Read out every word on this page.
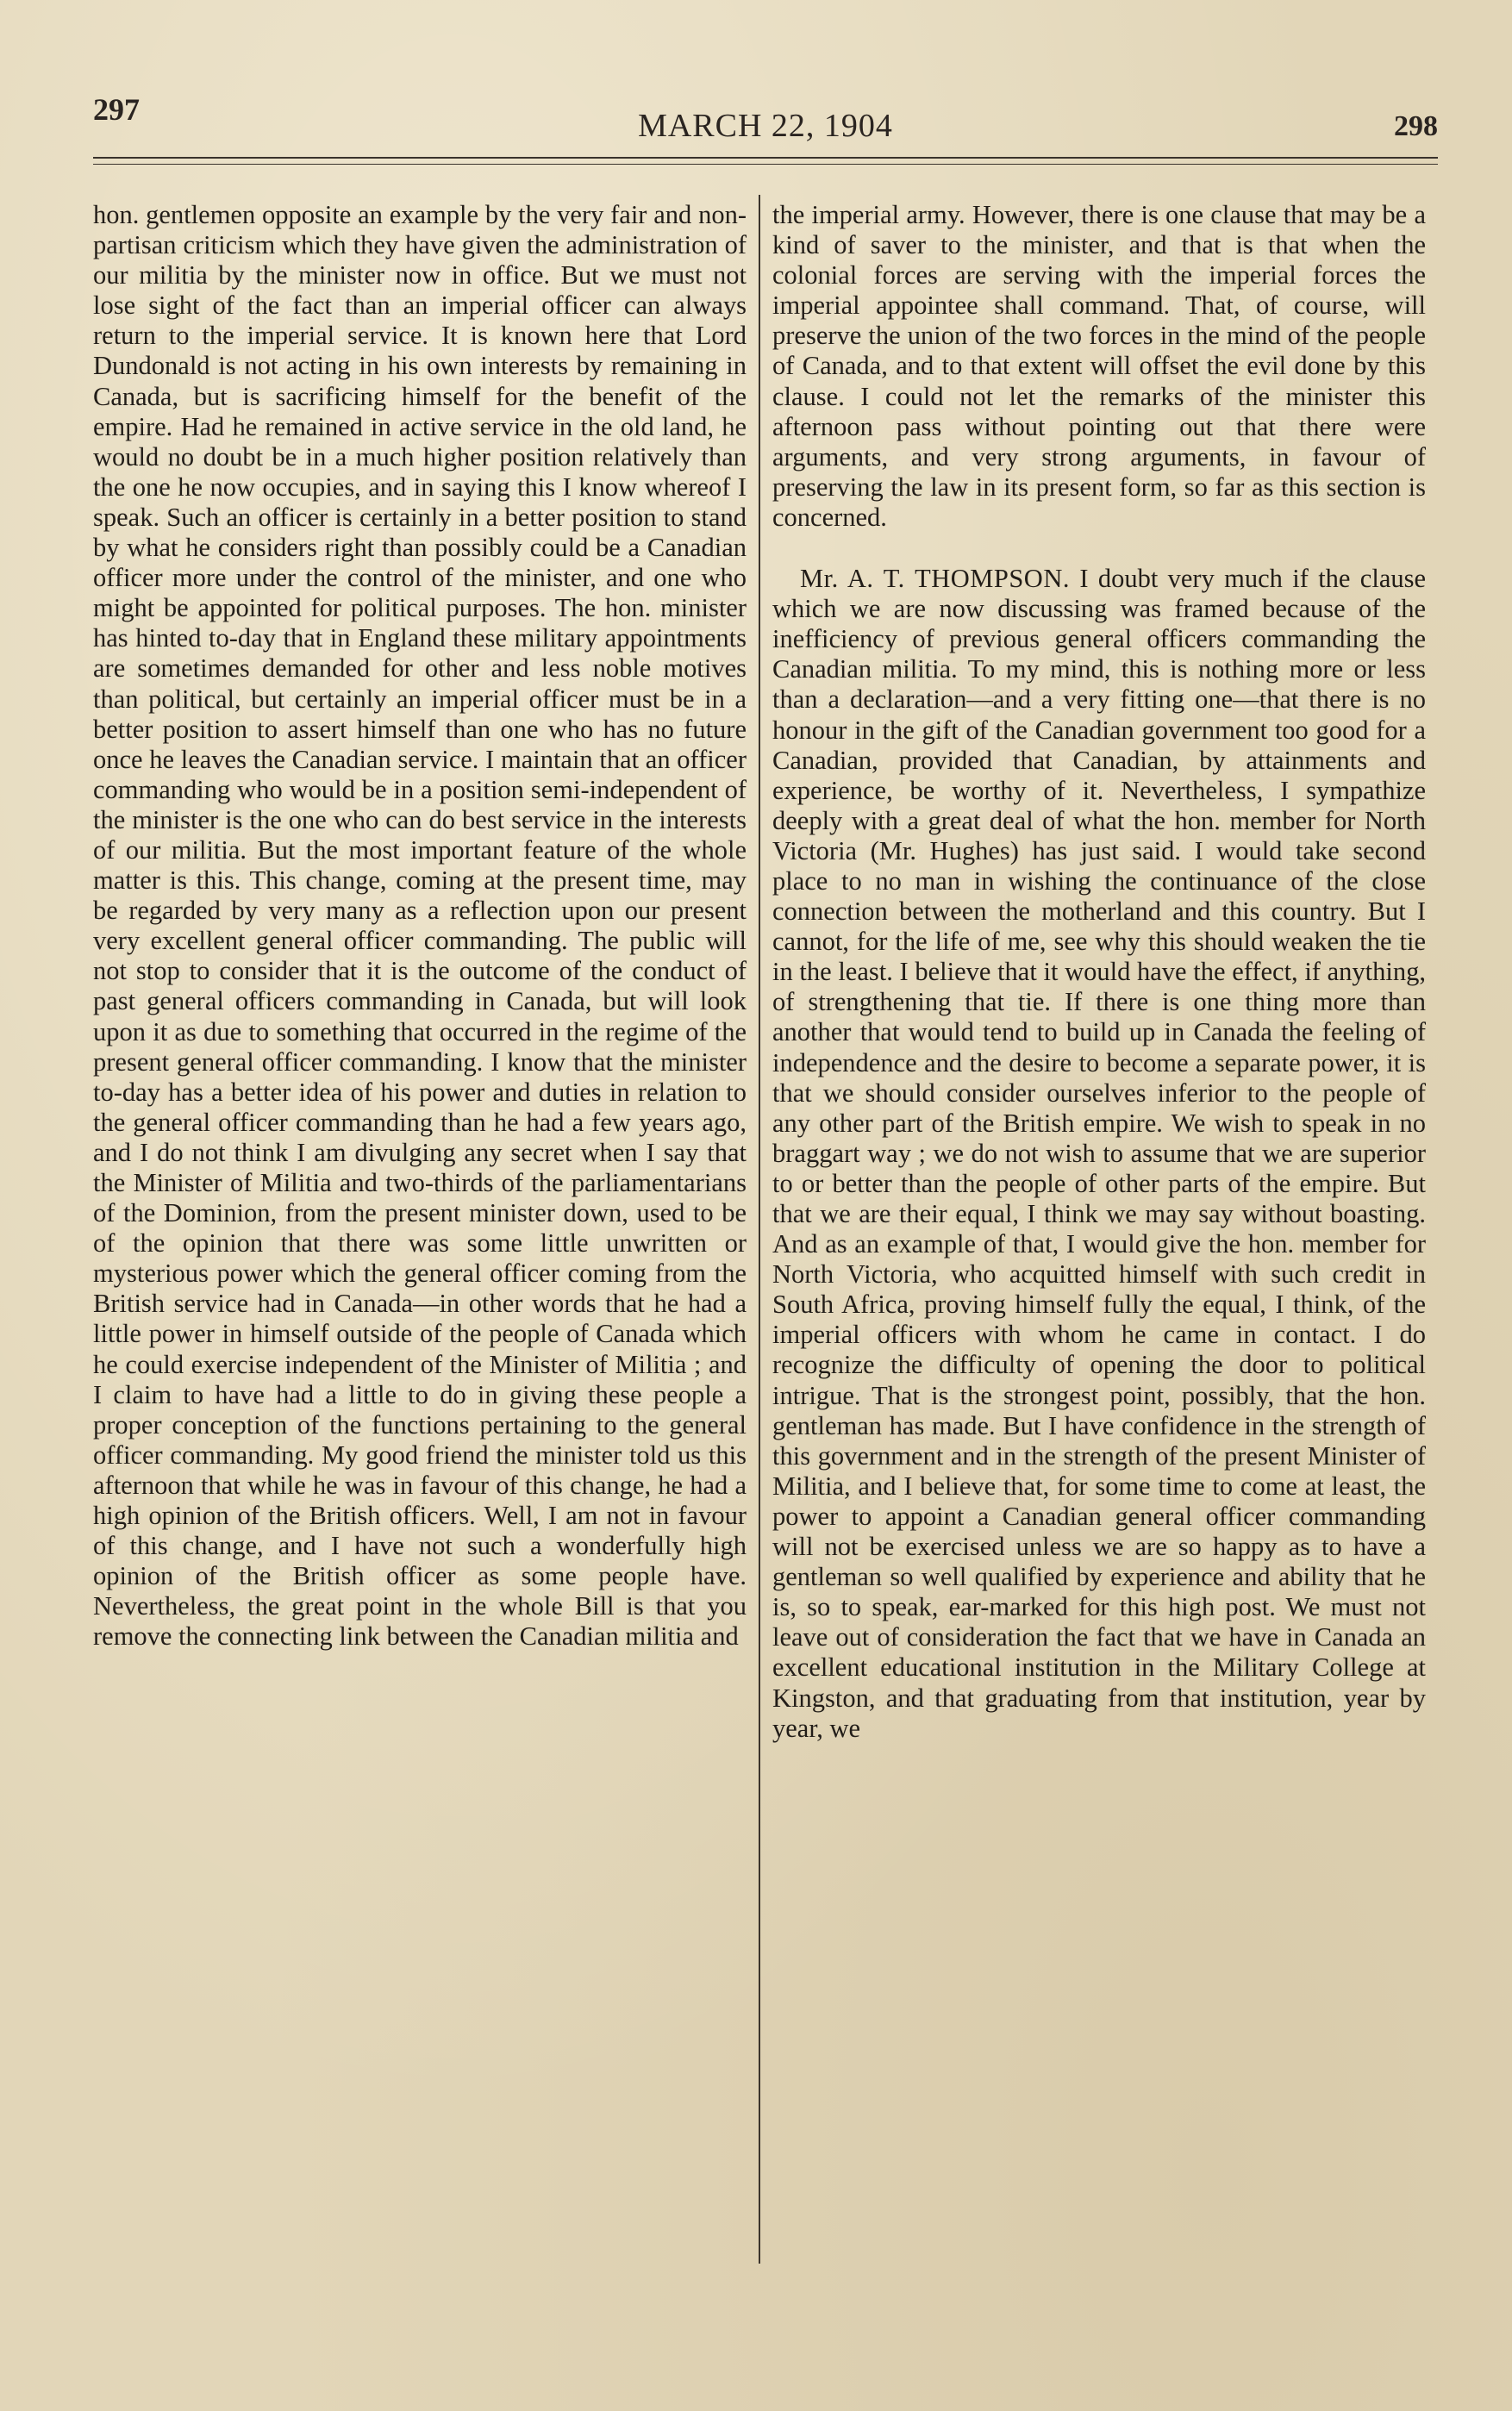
297	MARCH 22, 1904	298

hon. gentlemen opposite an example by the very fair and non-partisan criticism which they have given the administration of our militia by the minister now in office. But we must not lose sight of the fact than an imperial officer can always return to the imperial service. It is known here that Lord Dundonald is not acting in his own interests by remaining in Canada, but is sacrificing himself for the benefit of the empire. Had he remained in active service in the old land, he would no doubt be in a much higher position relatively than the one he now occupies, and in saying this I know whereof I speak. Such an officer is certainly in a better position to stand by what he considers right than possibly could be a Canadian officer more under the control of the minister, and one who might be appointed for political purposes. The hon. minister has hinted to-day that in England these military appointments are sometimes demanded for other and less noble motives than political, but certainly an imperial officer must be in a better position to assert himself than one who has no future once he leaves the Canadian service. I maintain that an officer commanding who would be in a position semi-independent of the minister is the one who can do best service in the interests of our militia. But the most important feature of the whole matter is this. This change, coming at the present time, may be regarded by very many as a reflection upon our present very excellent general officer commanding. The public will not stop to consider that it is the outcome of the conduct of past general officers commanding in Canada, but will look upon it as due to something that occurred in the regime of the present general officer commanding. I know that the minister to-day has a better idea of his power and duties in relation to the general officer commanding than he had a few years ago, and I do not think I am divulging any secret when I say that the Minister of Militia and two-thirds of the parliamentarians of the Dominion, from the present minister down, used to be of the opinion that there was some little unwritten or mysterious power which the general officer coming from the British service had in Canada—in other words that he had a little power in himself outside of the people of Canada which he could exercise independent of the Minister of Militia ; and I claim to have had a little to do in giving these people a proper conception of the functions pertaining to the general officer commanding. My good friend the minister told us this afternoon that while he was in favour of this change, he had a high opinion of the British officers. Well, I am not in favour of this change, and I have not such a wonderfully high opinion of the British officer as some people have. Nevertheless, the great point in the whole Bill is that you remove the connecting link between the Canadian militia and

the imperial army. However, there is one clause that may be a kind of saver to the minister, and that is that when the colonial forces are serving with the imperial forces the imperial appointee shall command. That, of course, will preserve the union of the two forces in the mind of the people of Canada, and to that extent will offset the evil done by this clause. I could not let the remarks of the minister this afternoon pass without pointing out that there were arguments, and very strong arguments, in favour of preserving the law in its present form, so far as this section is concerned.

Mr. A. T. THOMPSON. I doubt very much if the clause which we are now discussing was framed because of the inefficiency of previous general officers commanding the Canadian militia. To my mind, this is nothing more or less than a declaration—and a very fitting one—that there is no honour in the gift of the Canadian government too good for a Canadian, provided that Canadian, by attainments and experience, be worthy of it. Nevertheless, I sympathize deeply with a great deal of what the hon. member for North Victoria (Mr. Hughes) has just said. I would take second place to no man in wishing the continuance of the close connection between the motherland and this country. But I cannot, for the life of me, see why this should weaken the tie in the least. I believe that it would have the effect, if anything, of strengthening that tie. If there is one thing more than another that would tend to build up in Canada the feeling of independence and the desire to become a separate power, it is that we should consider ourselves inferior to the people of any other part of the British empire. We wish to speak in no braggart way ; we do not wish to assume that we are superior to or better than the people of other parts of the empire. But that we are their equal, I think we may say without boasting. And as an example of that, I would give the hon. member for North Victoria, who acquitted himself with such credit in South Africa, proving himself fully the equal, I think, of the imperial officers with whom he came in contact. I do recognize the difficulty of opening the door to political intrigue. That is the strongest point, possibly, that the hon. gentleman has made. But I have confidence in the strength of this government and in the strength of the present Minister of Militia, and I believe that, for some time to come at least, the power to appoint a Canadian general officer commanding will not be exercised unless we are so happy as to have a gentleman so well qualified by experience and ability that he is, so to speak, ear-marked for this high post. We must not leave out of consideration the fact that we have in Canada an excellent educational institution in the Military College at Kingston, and that graduating from that institution, year by year, we
